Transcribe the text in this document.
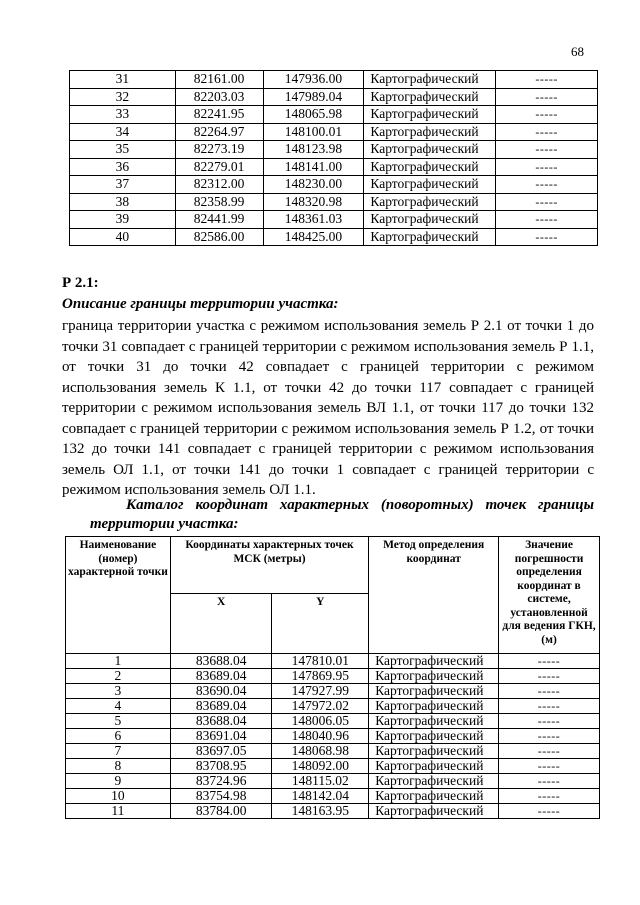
68
31	82161.00	147936.00	Картографический	-----
32	82203.03	147989.04	Картографический	-----
33	82241.95	148065.98	Картографический	-----
34	82264.97	148100.01	Картографический	-----
35	82273.19	148123.98	Картографический	-----
36	82279.01	148141.00	Картографический	-----
37	82312.00	148230.00	Картографический	-----
38	82358.99	148320.98	Картографический	-----
39	82441.99	148361.03	Картографический	-----
40	82586.00	148425.00	Картографический	-----
Р 2.1:
Описание границы территории участка:

граница территории участка с режимом использования земель Р 2.1 от точки 1 до точки 31 совпадает с границей территории с режимом использования земель Р 1.1, от точки 31 до точки 42 совпадает с границей территории с режимом использования земель К 1.1, от точки 42 до точки 117 совпадает с границей территории с режимом использования земель ВЛ 1.1, от точки 117 до точки 132 совпадает с границей территории с режимом использования земель Р 1.2, от точки 132 до точки 141 совпадает с границей территории с режимом использования земель ОЛ 1.1, от точки 141 до точки 1 совпадает с границей территории с режимом использования земель ОЛ 1.1.

Каталог координат характерных (поворотных) точек границы
территории участка:

Наименование (номер) характерной точки	Координаты характерных точек МСК (метры)		Метод определения координат	Значение погрешности определения координат в системе, установленной для ведения ГКН, (м)
	X	Y		
1	83688.04	147810.01	Картографический	-----
2	83689.04	147869.95	Картографический	-----
3	83690.04	147927.99	Картографический	-----
4	83689.04	147972.02	Картографический	-----
5	83688.04	148006.05	Картографический	-----
6	83691.04	148040.96	Картографический	-----
7	83697.05	148068.98	Картографический	-----
8	83708.95	148092.00	Картографический	-----
9	83724.96	148115.02	Картографический	-----
10	83754.98	148142.04	Картографический	-----
11	83784.00	148163.95	Картографический	-----
